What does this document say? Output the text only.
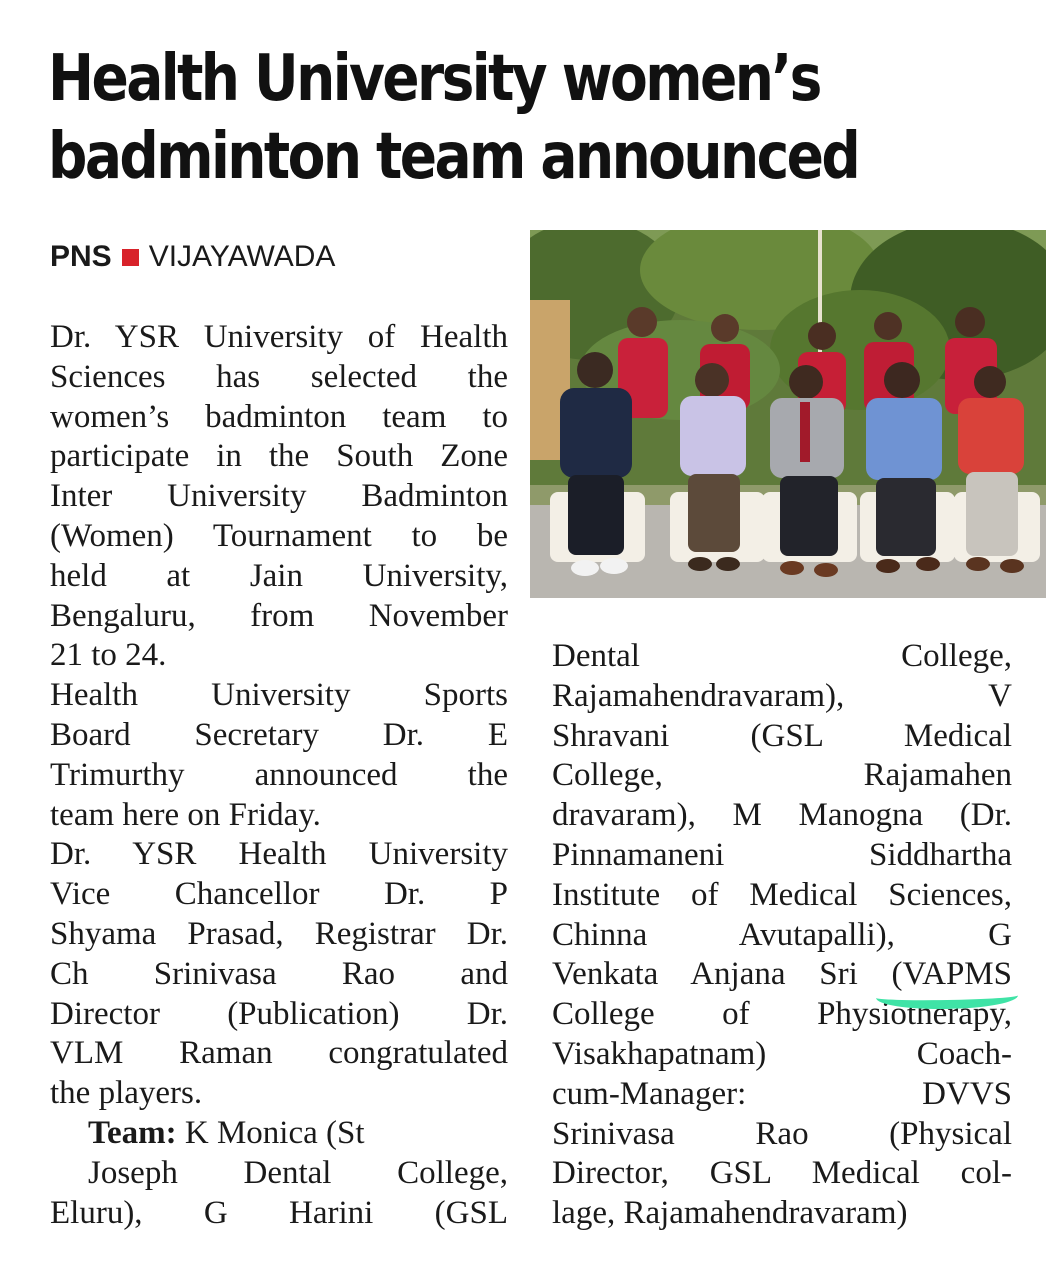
Health University women’s
badminton team announced
PNS VIJAYAWADA
Dr. YSR University of Health
Sciences has selected the
women’s badminton team to
participate in the South Zone
Inter University Badminton
(Women) Tournament to be
held at Jain University,
Bengaluru, from November
21 to 24.
Health University Sports
Board Secretary Dr. E
Trimurthy announced the
team here on Friday.
Dr. YSR Health University
Vice Chancellor Dr. P
Shyama Prasad, Registrar Dr.
Ch Srinivasa Rao and
Director (Publication) Dr.
VLM Raman congratulated
the players.
Team: K Monica (St
Joseph Dental College,
Eluru), G Harini (GSL
Dental College,
Rajamahendravaram), V
Shravani (GSL Medical
College, Rajamahen
dravaram), M Manogna (Dr.
Pinnamaneni Siddhartha
Institute of Medical Sciences,
Chinna Avutapalli), G
Venkata Anjana Sri (VAPMS
College of Physiotherapy,
Visakhapatnam) Coach-
cum-Manager: DVVS
Srinivasa Rao (Physical
Director, GSL Medical col-
lage, Rajamahendravaram)
